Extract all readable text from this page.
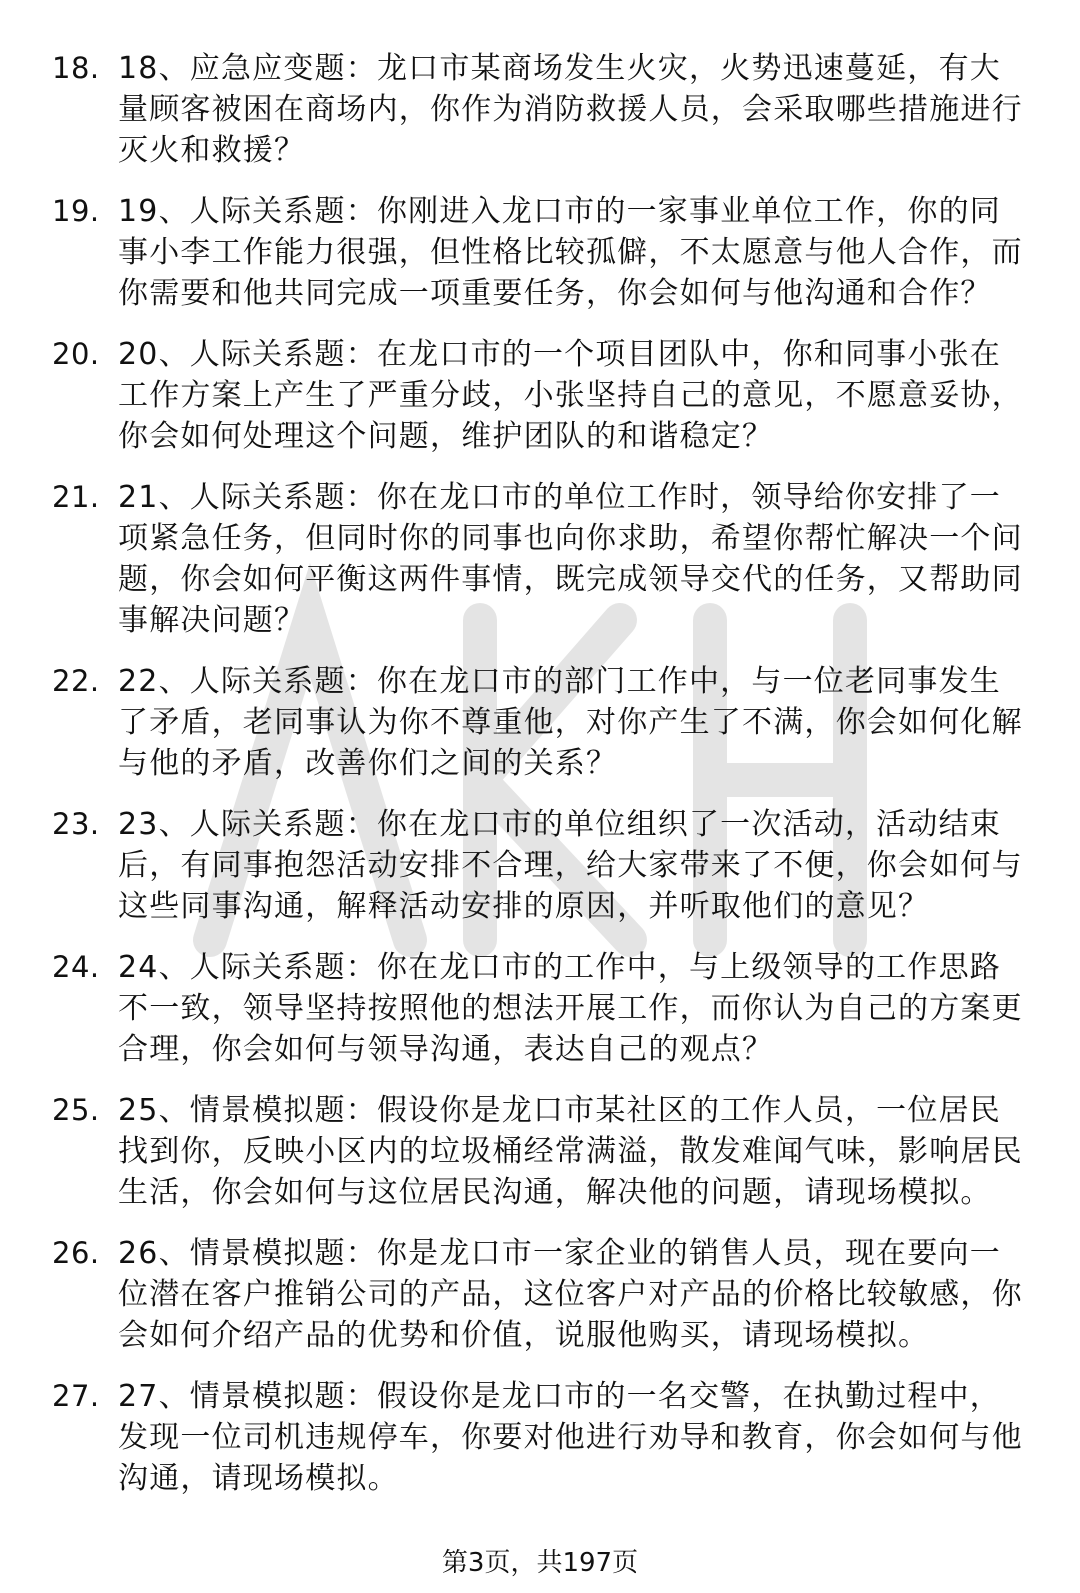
18. 18、应急应变题：龙口市某商场发生火灾，火势迅速蔓延，有大量顾客被困在商场内，你作为消防救援人员，会采取哪些措施进行灭火和救援？
19. 19、人际关系题：你刚进入龙口市的一家事业单位工作，你的同事小李工作能力很强，但性格比较孤僻，不太愿意与他人合作，而你需要和他共同完成一项重要任务，你会如何与他沟通和合作？
20. 20、人际关系题：在龙口市的一个项目团队中，你和同事小张在工作方案上产生了严重分歧，小张坚持自己的意见，不愿意妥协，你会如何处理这个问题，维护团队的和谐稳定？
21. 21、人际关系题：你在龙口市的单位工作时，领导给你安排了一项紧急任务，但同时你的同事也向你求助，希望你帮忙解决一个问题，你会如何平衡这两件事情，既完成领导交代的任务，又帮助同事解决问题？
22. 22、人际关系题：你在龙口市的部门工作中，与一位老同事发生了矛盾，老同事认为你不尊重他，对你产生了不满，你会如何化解与他的矛盾，改善你们之间的关系？
23. 23、人际关系题：你在龙口市的单位组织了一次活动，活动结束后，有同事抱怨活动安排不合理，给大家带来了不便，你会如何与这些同事沟通，解释活动安排的原因，并听取他们的意见？
24. 24、人际关系题：你在龙口市的工作中，与上级领导的工作思路不一致，领导坚持按照他的想法开展工作，而你认为自己的方案更合理，你会如何与领导沟通，表达自己的观点？
25. 25、情景模拟题：假设你是龙口市某社区的工作人员，一位居民找到你，反映小区内的垃圾桶经常满溢，散发难闻气味，影响居民生活，你会如何与这位居民沟通，解决他的问题，请现场模拟。
26. 26、情景模拟题：你是龙口市一家企业的销售人员，现在要向一位潜在客户推销公司的产品，这位客户对产品的价格比较敏感，你会如何介绍产品的优势和价值，说服他购买，请现场模拟。
27. 27、情景模拟题：假设你是龙口市的一名交警，在执勤过程中，发现一位司机违规停车，你要对他进行劝导和教育，你会如何与他沟通，请现场模拟。
第3页，共197页
